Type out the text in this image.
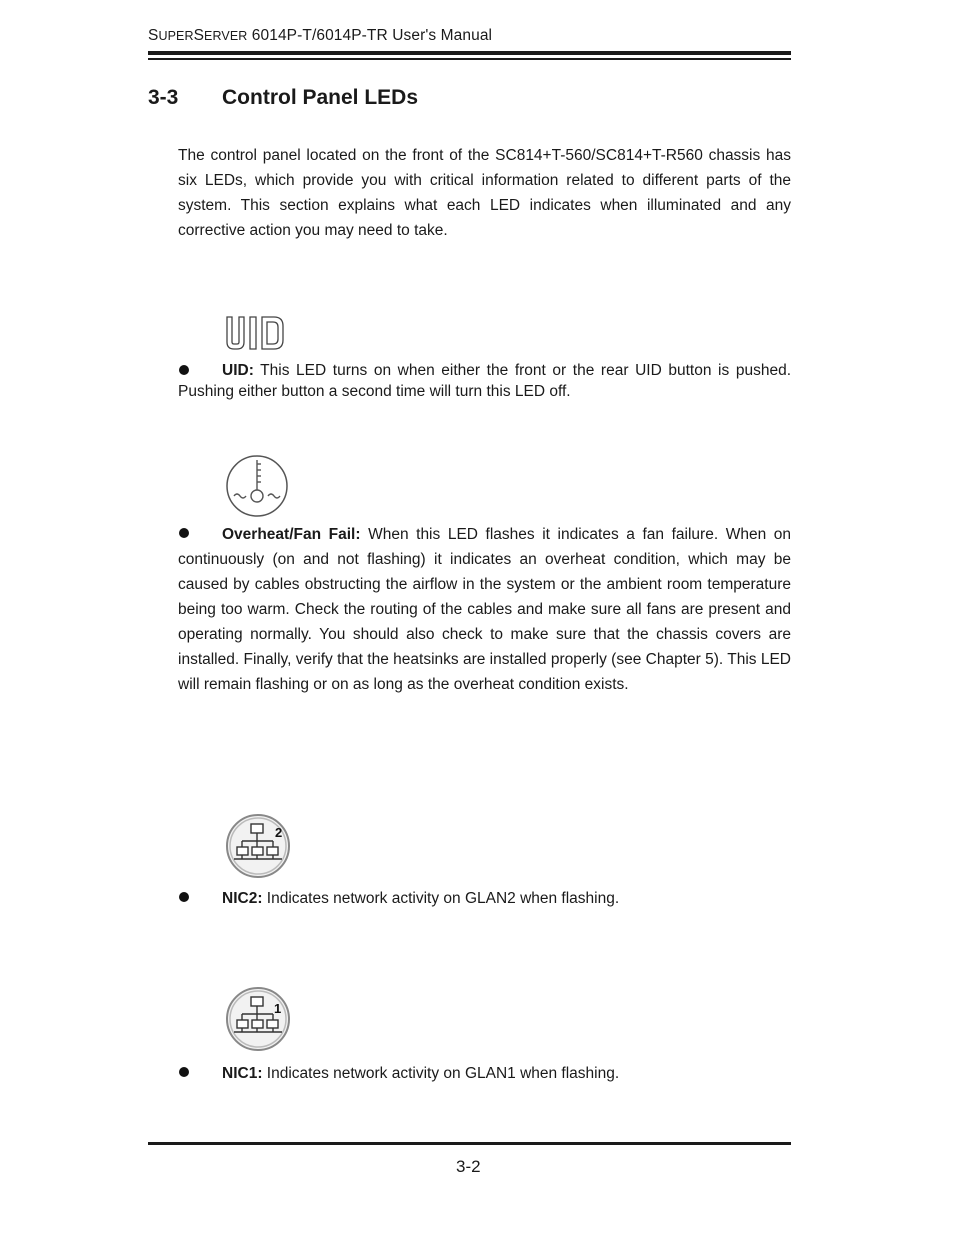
SUPERSERVER 6014P-T/6014P-TR User's Manual
3-3 Control Panel LEDs

The control panel located on the front of the SC814+T-560/SC814+T-R560 chassis has six LEDs, which provide you with critical information related to different parts of the system. This section explains what each LED indicates when illuminated and any corrective action you may need to take.

UID: This LED turns on when either the front or the rear UID button is pushed. Pushing either button a second time will turn this LED off.

Overheat/Fan Fail: When this LED flashes it indicates a fan failure. When on continuously (on and not flashing) it indicates an overheat condition, which may be caused by cables obstructing the airflow in the system or the ambient room temperature being too warm. Check the routing of the cables and make sure all fans are present and operating normally. You should also check to make sure that the chassis covers are installed. Finally, verify that the heatsinks are installed properly (see Chapter 5). This LED will remain flashing or on as long as the overheat condition exists.

2

NIC2: Indicates network activity on GLAN2 when flashing.

1

NIC1: Indicates network activity on GLAN1 when flashing.

3-2
